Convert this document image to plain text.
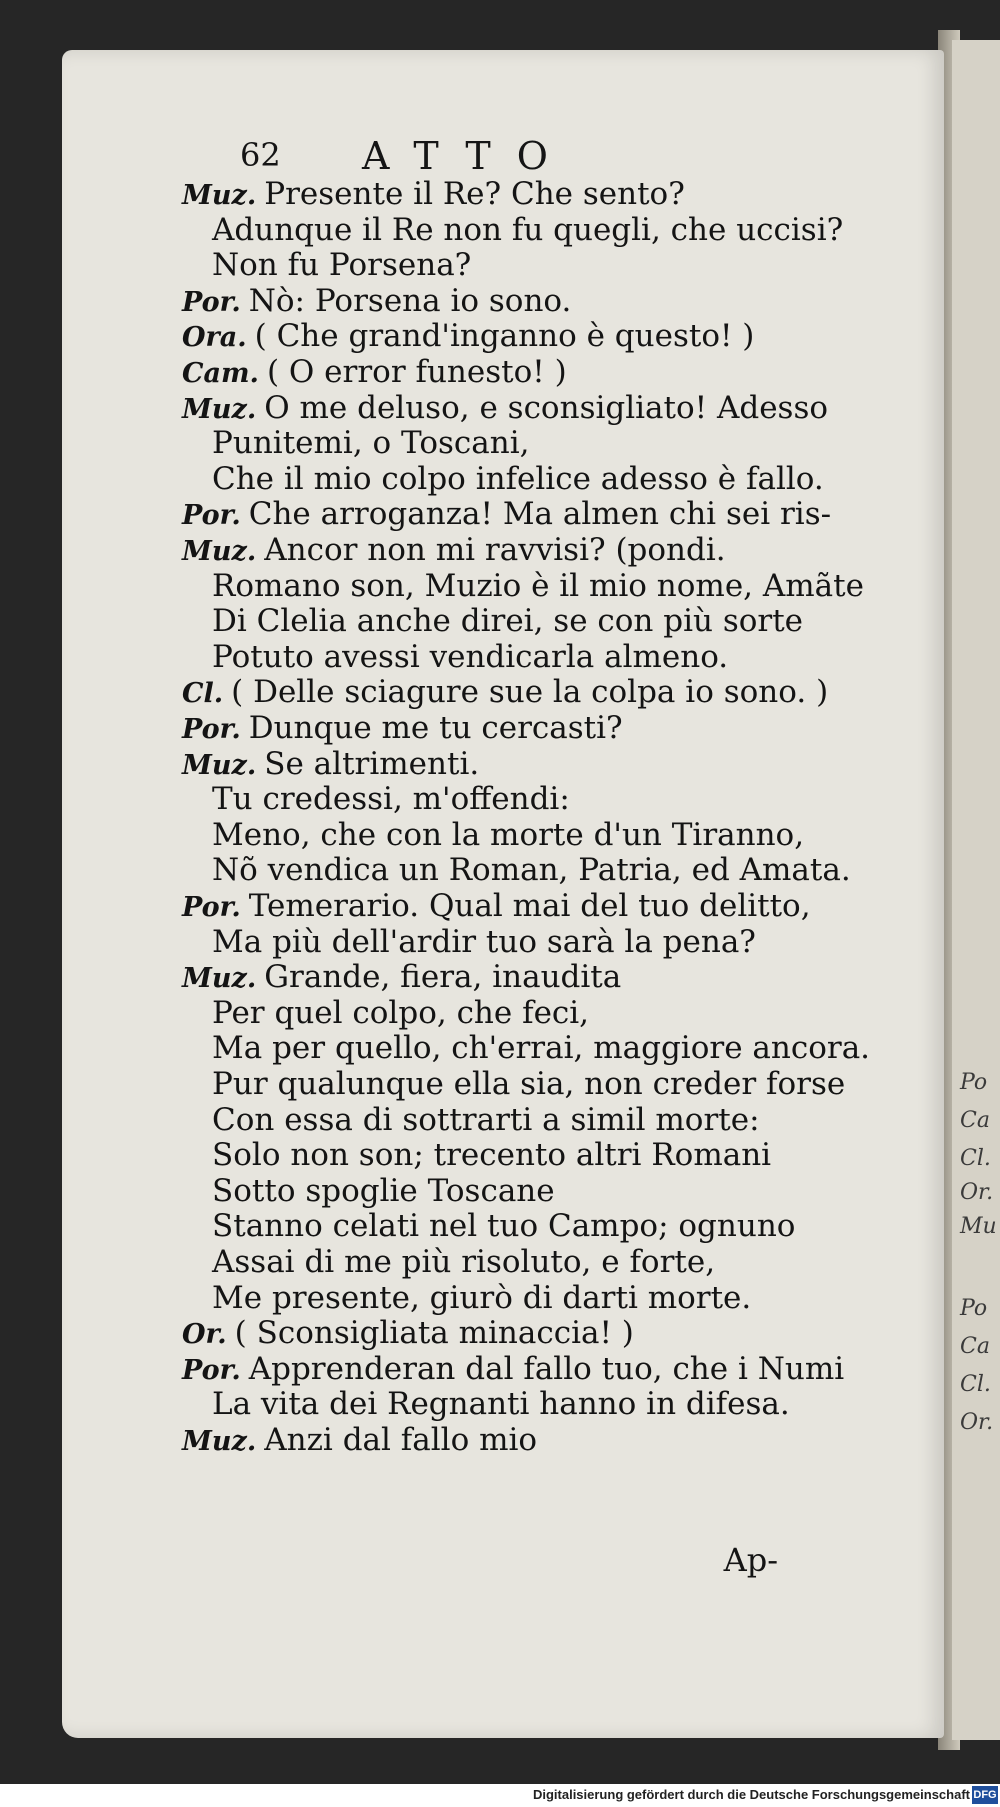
Po
Ca
Cl.
Or.
Mu
Po
Ca
Cl.
Or.
62 ATTO
Muz. Presente il Re? Che sento?
Adunque il Re non fu quegli, che uccisi?
Non fu Porsena?
Por. Nò: Porsena io sono.
Ora. ( Che grand'inganno è questo! )
Cam. ( O error funesto! )
Muz. O me deluso, e sconsigliato! Adesso
Punitemi, o Toscani,
Che il mio colpo infelice adesso è fallo.
Por. Che arroganza! Ma almen chi sei ris-
Muz. Ancor non mi ravvisi? (pondi.
Romano son, Muzio è il mio nome, Amãte
Di Clelia anche direi, se con più sorte
Potuto avessi vendicarla almeno.
Cl. ( Delle sciagure sue la colpa io sono. )
Por. Dunque me tu cercasti?
Muz. Se altrimenti.
Tu credessi, m'offendi:
Meno, che con la morte d'un Tiranno,
Nõ vendica un Roman, Patria, ed Amata.
Por. Temerario. Qual mai del tuo delitto,
Ma più dell'ardir tuo sarà la pena?
Muz. Grande, fiera, inaudita
Per quel colpo, che feci,
Ma per quello, ch'errai, maggiore ancora.
Pur qualunque ella sia, non creder forse
Con essa di sottrarti a simil morte:
Solo non son; trecento altri Romani
Sotto spoglie Toscane
Stanno celati nel tuo Campo; ognuno
Assai di me più risoluto, e forte,
Me presente, giurò di darti morte.
Or. ( Sconsigliata minaccia! )
Por. Apprenderan dal fallo tuo, che i Numi
La vita dei Regnanti hanno in difesa.
Muz. Anzi dal fallo mio
Ap-
Digitalisierung gefördert durch die Deutsche Forschungsgemeinschaft DFG
